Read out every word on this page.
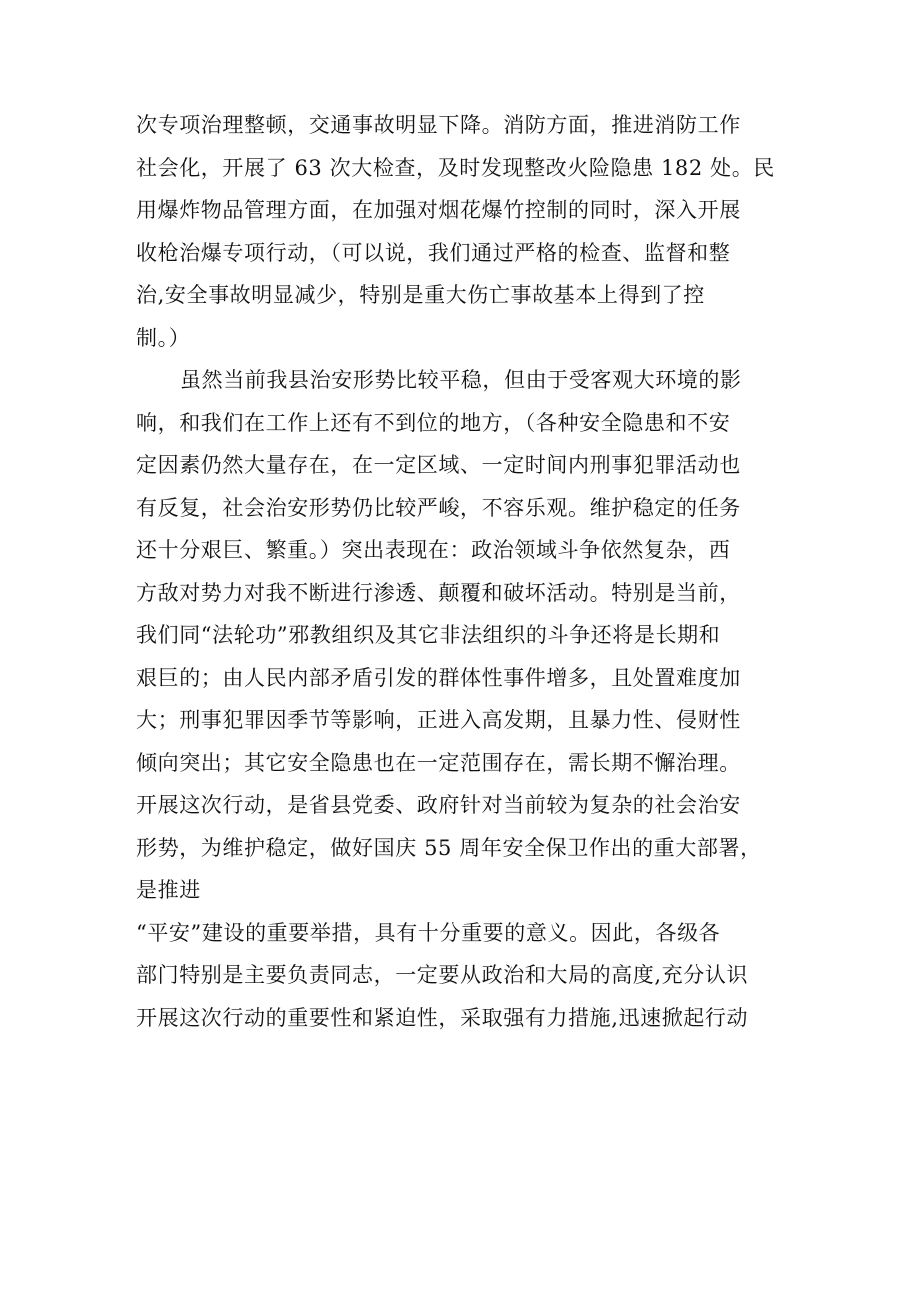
次专项治理整顿，交通事故明显下降。消防方面，推进消防工作
社会化，开展了 63 次大检查，及时发现整改火险隐患 182 处。民
用爆炸物品管理方面，在加强对烟花爆竹控制的同时，深入开展
收枪治爆专项行动，（可以说，我们通过严格的检查、监督和整
治,安全事故明显减少，特别是重大伤亡事故基本上得到了控
制。）
虽然当前我县治安形势比较平稳，但由于受客观大环境的影
响，和我们在工作上还有不到位的地方，（各种安全隐患和不安
定因素仍然大量存在，在一定区域、一定时间内刑事犯罪活动也
有反复，社会治安形势仍比较严峻，不容乐观。维护稳定的任务
还十分艰巨、繁重。）突出表现在：政治领域斗争依然复杂，西
方敌对势力对我不断进行渗透、颠覆和破坏活动。特别是当前，
我们同“法轮功”邪教组织及其它非法组织的斗争还将是长期和
艰巨的；由人民内部矛盾引发的群体性事件增多，且处置难度加
大；刑事犯罪因季节等影响，正进入高发期，且暴力性、侵财性
倾向突出；其它安全隐患也在一定范围存在，需长期不懈治理。
开展这次行动，是省县党委、政府针对当前较为复杂的社会治安
形势，为维护稳定，做好国庆 55 周年安全保卫作出的重大部署，
是推进
“平安”建设的重要举措，具有十分重要的意义。因此，各级各
部门特别是主要负责同志，一定要从政治和大局的高度,充分认识
开展这次行动的重要性和紧迫性，采取强有力措施,迅速掀起行动
